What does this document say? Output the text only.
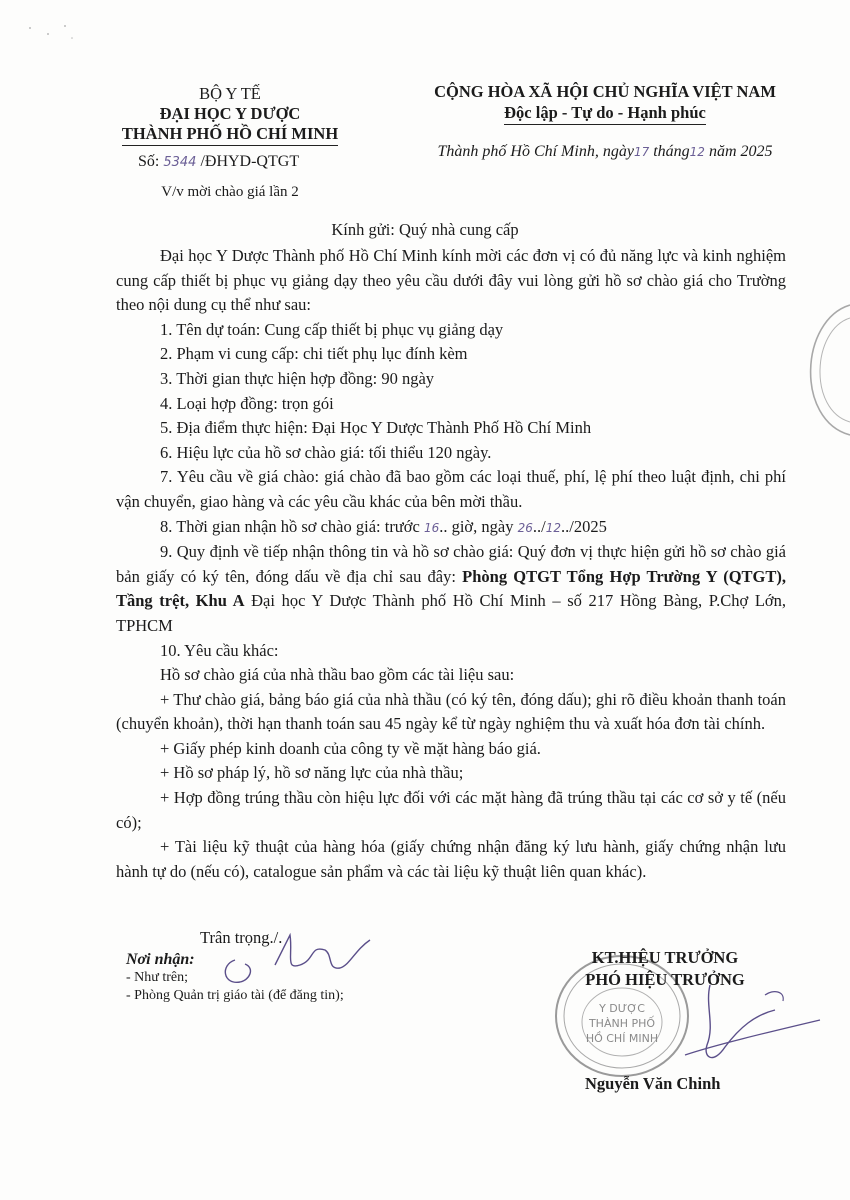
BỘ Y TẾ
ĐẠI HỌC Y DƯỢC
THÀNH PHỐ HỒ CHÍ MINH
Số: 5344 /ĐHYD-QTGT
V/v mời chào giá lần 2
CỘNG HÒA XÃ HỘI CHỦ NGHĨA VIỆT NAM
Độc lập - Tự do - Hạnh phúc
Thành phố Hồ Chí Minh, ngày17 tháng12 năm 2025
Kính gửi: Quý nhà cung cấp

Đại học Y Dược Thành phố Hồ Chí Minh kính mời các đơn vị có đủ năng lực và kinh nghiệm cung cấp thiết bị phục vụ giảng dạy theo yêu cầu dưới đây vui lòng gửi hồ sơ chào giá cho Trường theo nội dung cụ thể như sau:

1. Tên dự toán: Cung cấp thiết bị phục vụ giảng dạy

2. Phạm vi cung cấp: chi tiết phụ lục đính kèm

3. Thời gian thực hiện hợp đồng: 90 ngày

4. Loại hợp đồng: trọn gói

5. Địa điểm thực hiện: Đại Học Y Dược Thành Phố Hồ Chí Minh

6. Hiệu lực của hồ sơ chào giá: tối thiểu 120 ngày.

7. Yêu cầu về giá chào: giá chào đã bao gồm các loại thuế, phí, lệ phí theo luật định, chi phí vận chuyển, giao hàng và các yêu cầu khác của bên mời thầu.

8. Thời gian nhận hồ sơ chào giá: trước 16.. giờ, ngày 26../12../2025

9. Quy định về tiếp nhận thông tin và hồ sơ chào giá: Quý đơn vị thực hiện gửi hồ sơ chào giá bản giấy có ký tên, đóng dấu về địa chỉ sau đây: Phòng QTGT Tổng Hợp Trường Y (QTGT), Tầng trệt, Khu A Đại học Y Dược Thành phố Hồ Chí Minh – số 217 Hồng Bàng, P.Chợ Lớn, TPHCM

10. Yêu cầu khác:

Hồ sơ chào giá của nhà thầu bao gồm các tài liệu sau:

+ Thư chào giá, bảng báo giá của nhà thầu (có ký tên, đóng dấu); ghi rõ điều khoản thanh toán (chuyển khoản), thời hạn thanh toán sau 45 ngày kể từ ngày nghiệm thu và xuất hóa đơn tài chính.

+ Giấy phép kinh doanh của công ty về mặt hàng báo giá.

+ Hồ sơ pháp lý, hồ sơ năng lực của nhà thầu;

+ Hợp đồng trúng thầu còn hiệu lực đối với các mặt hàng đã trúng thầu tại các cơ sở y tế (nếu có);

+ Tài liệu kỹ thuật của hàng hóa (giấy chứng nhận đăng ký lưu hành, giấy chứng nhận lưu hành tự do (nếu có), catalogue sản phẩm và các tài liệu kỹ thuật liên quan khác).

Trân trọng./.
Nơi nhận:
- Như trên;
- Phòng Quản trị giáo tài (để đăng tin);
Y DƯỢC
THÀNH PHỐ
HỒ CHÍ MINH
KT.HIỆU TRƯỞNG
PHÓ HIỆU TRƯỞNG
Nguyễn Văn Chinh
